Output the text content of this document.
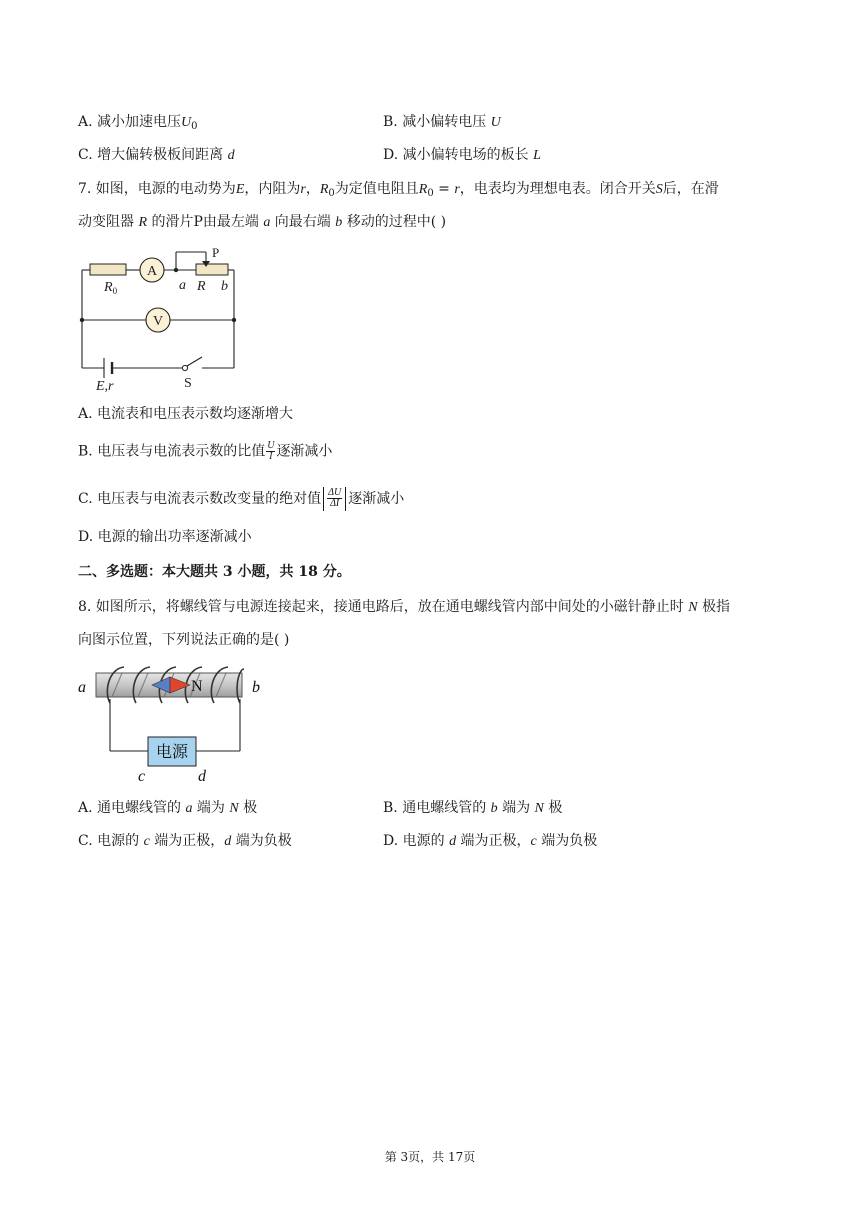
A. 减小加速电压$U_0$	B. 减小偏转电压 U
C. 增大偏转极板间距离 d	D. 减小偏转电场的板长 L
7. 如图，电源的电动势为E，内阻为r，$R_0$为定值电阻且$R_0 = r$，电表均为理想电表。闭合开关S后，在滑
动变阻器 R 的滑片P由最左端 a 向最右端 b 移动的过程中( )
A
P
$R_0$	a R b
V
E,r	S
A. 电流表和电压表示数均逐渐增大
B. 电压表与电流表示数的比值 $\frac{U}{I}$ 逐渐减小
C. 电压表与电流表示数改变量的绝对值 $\frac{\Delta U}{\Delta I}$ 逐渐减小
D. 电源的输出功率逐渐减小
二、多选题：本大题共 3 小题，共 18 分。
8. 如图所示，将螺线管与电源连接起来，接通电路后，放在通电螺线管内部中间处的小磁针静止时 N 极指
向图示位置，下列说法正确的是( )
N
a	b
电源
c	d
A. 通电螺线管的 a 端为 N 极	B. 通电螺线管的 b 端为 N 极
C. 电源的 c 端为正极，d 端为负极	D. 电源的 d 端为正极，c 端为负极
第 3页，共 17页
